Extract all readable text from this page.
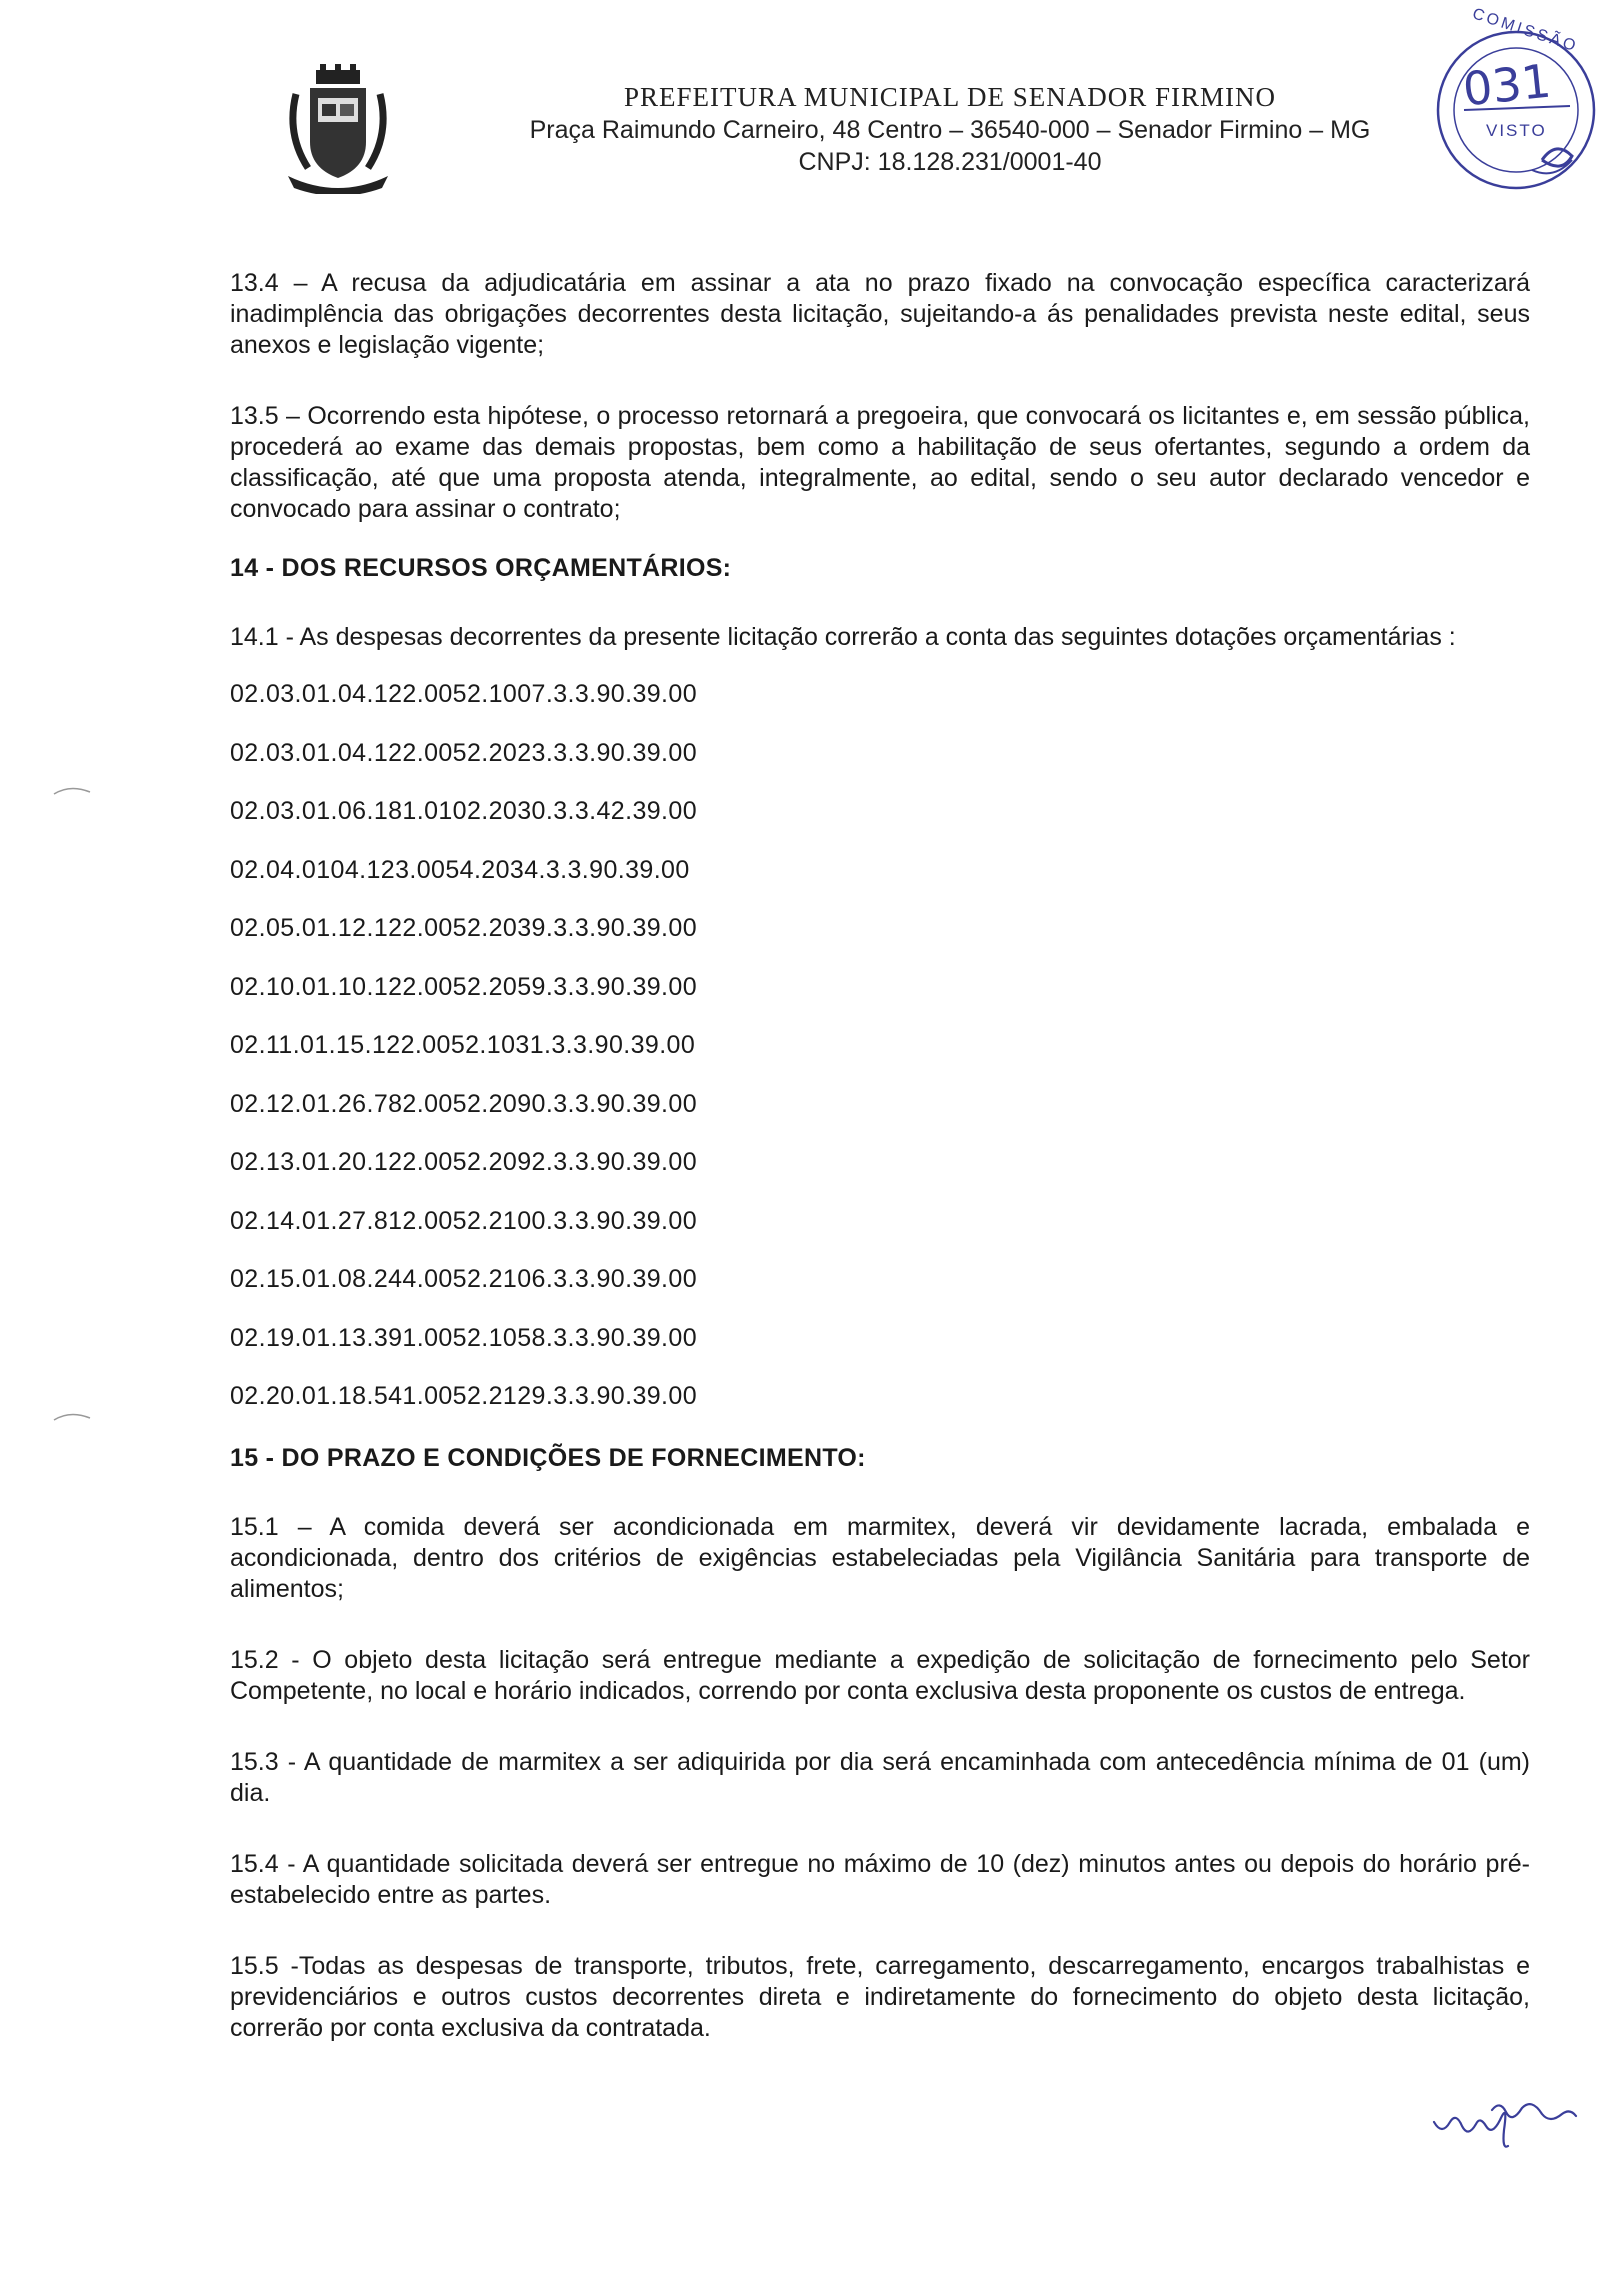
PREFEITURA MUNICIPAL DE SENADOR FIRMINO
Praça Raimundo Carneiro, 48 Centro – 36540-000 – Senador Firmino – MG
CNPJ: 18.128.231/0001-40
COMISSÃO
031
VISTO

13.4 – A recusa da adjudicatária em assinar a ata no prazo fixado na convocação específica caracterizará inadimplência das obrigações decorrentes desta licitação, sujeitando-a ás penalidades prevista neste edital, seus anexos e legislação vigente;

13.5 – Ocorrendo esta hipótese, o processo retornará a pregoeira, que convocará os licitantes e, em sessão pública, procederá ao exame das demais propostas, bem como a habilitação de seus ofertantes, segundo a ordem da classificação, até que uma proposta atenda, integralmente, ao edital, sendo o seu autor declarado vencedor e convocado para assinar o contrato;

14 - DOS RECURSOS ORÇAMENTÁRIOS:

14.1 - As despesas decorrentes da presente licitação correrão a conta das seguintes dotações orçamentárias :

02.03.01.04.122.0052.1007.3.3.90.39.00
02.03.01.04.122.0052.2023.3.3.90.39.00
02.03.01.06.181.0102.2030.3.3.42.39.00
02.04.0104.123.0054.2034.3.3.90.39.00
02.05.01.12.122.0052.2039.3.3.90.39.00
02.10.01.10.122.0052.2059.3.3.90.39.00
02.11.01.15.122.0052.1031.3.3.90.39.00
02.12.01.26.782.0052.2090.3.3.90.39.00
02.13.01.20.122.0052.2092.3.3.90.39.00
02.14.01.27.812.0052.2100.3.3.90.39.00
02.15.01.08.244.0052.2106.3.3.90.39.00
02.19.01.13.391.0052.1058.3.3.90.39.00
02.20.01.18.541.0052.2129.3.3.90.39.00
15 - DO PRAZO E CONDIÇÕES DE FORNECIMENTO:

15.1 – A comida deverá ser acondicionada em marmitex, deverá vir devidamente lacrada, embalada e acondicionada, dentro dos critérios de exigências estabeleciadas pela Vigilância Sanitária para transporte de alimentos;

15.2 - O objeto desta licitação será entregue mediante a expedição de solicitação de fornecimento pelo Setor Competente, no local e horário indicados, correndo por conta exclusiva desta proponente os custos de entrega.

15.3 - A quantidade de marmitex a ser adiquirida por dia será encaminhada com antecedência mínima de 01 (um) dia.

15.4 - A quantidade solicitada deverá ser entregue no máximo de 10 (dez) minutos antes ou depois do horário pré-estabelecido entre as partes.

15.5 -Todas as despesas de transporte, tributos, frete, carregamento, descarregamento, encargos trabalhistas e previdenciários e outros custos decorrentes direta e indiretamente do fornecimento do objeto desta licitação, correrão por conta exclusiva da contratada.
